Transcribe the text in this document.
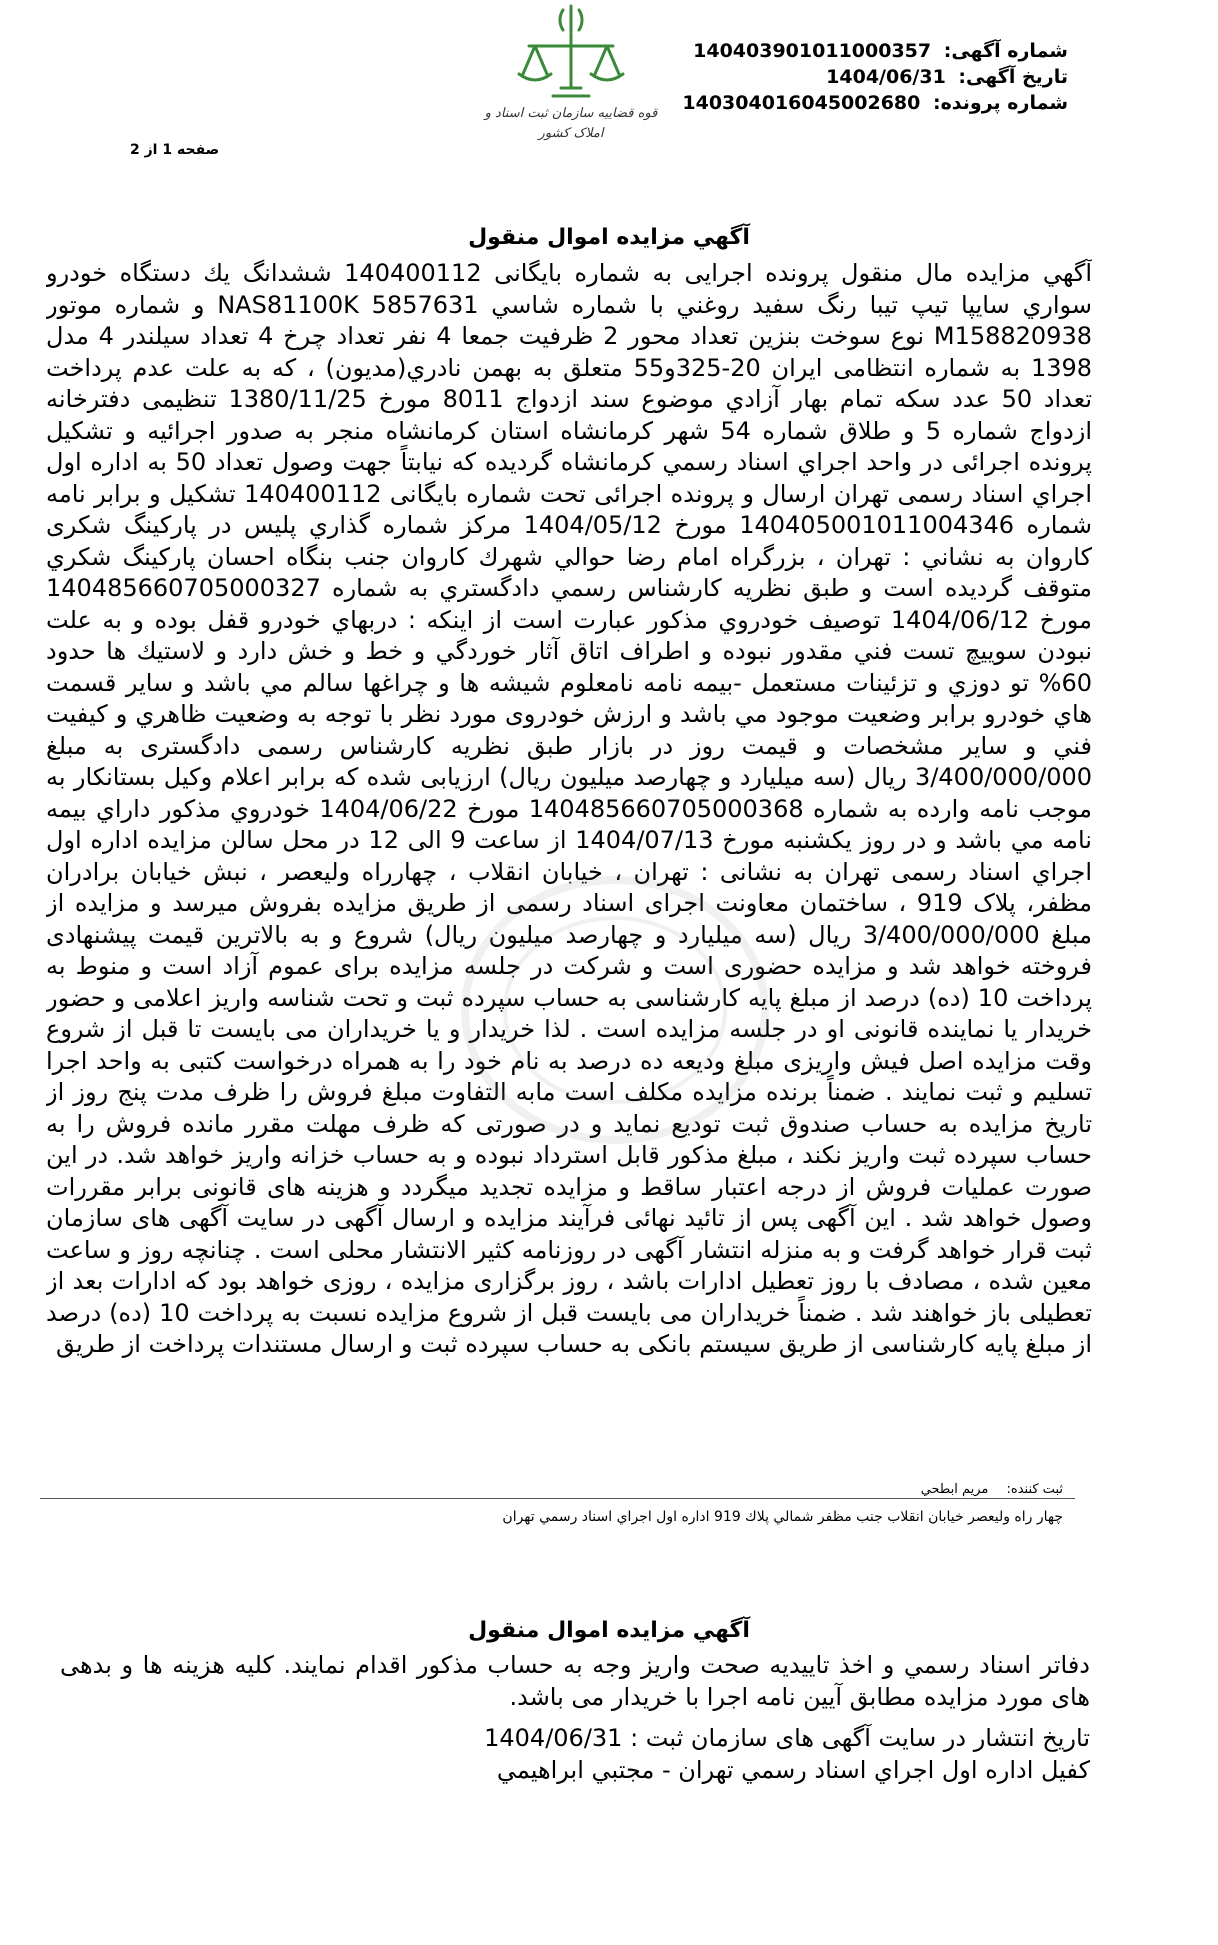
شماره آگهی: 14040390101100035​7
تاریخ آگهی: 1404/06/31
شماره پرونده: 140304016045002680
قوه قضاییه سازمان ثبت اسناد و املاک کشور
صفحه 1 از 2
آگهي مزايده اموال منقول
آگهي مزايده مال منقول پرونده اجرايی به شماره بايگانی 140400112 ششدانگ يك دستگاه خودرو سواري سايپا تيپ تيبا رنگ سفيد روغني با شماره شاسي NAS81100K 5857631 و شماره موتور M158820938 نوع سوخت بنزين تعداد محور 2 ظرفيت جمعا 4 نفر تعداد چرخ 4 تعداد سيلندر 4 مدل 1398 به شماره انتظامی ايران 20-325و55 متعلق به بهمن نادري(مديون) ، كه به علت عدم پرداخت تعداد 50 عدد سكه تمام بهار آزادي موضوع سند ازدواج 8011 مورخ 1380/11/25 تنظيمی دفترخانه ازدواج شماره 5 و طلاق شماره 54 شهر كرمانشاه استان كرمانشاه منجر به صدور اجرائيه و تشكيل پرونده اجرائی در واحد اجراي اسناد رسمي كرمانشاه گرديده كه نيابتاً جهت وصول تعداد 50 به اداره اول اجراي اسناد رسمی تهران ارسال و پرونده اجرائی تحت شماره بايگانی 140400112 تشكيل و برابر نامه شماره 140405001011004346 مورخ 1404/05/12 مركز شماره گذاري پليس در پاركينگ شكری كاروان به نشاني : تهران ، بزرگراه امام رضا حوالي شهرك كاروان جنب بنگاه احسان پاركينگ شكري متوقف گرديده است و طبق نظريه كارشناس رسمي دادگستري به شماره 140485660705000327 مورخ 1404/06/12 توصيف خودروي مذكور عبارت است از اينكه : دربهاي خودرو قفل بوده و به علت نبودن سوييچ تست فني مقدور نبوده و اطراف اتاق آثار خوردگي و خط و خش دارد و لاستيك ها حدود 60% تو دوزي و تزئينات مستعمل -بيمه نامه نامعلوم شيشه ها و چراغها سالم مي باشد و ساير قسمت هاي خودرو برابر وضعيت موجود مي باشد و ارزش خودروی مورد نظر با توجه به وضعيت ظاهري و كيفيت فني و ساير مشخصات و قيمت روز در بازار طبق نظريه كارشناس رسمی دادگستری به مبلغ 3/400/000/000 ريال (سه ميليارد و چهارصد ميليون ريال) ارزيابی شده كه برابر اعلام وكيل بستانكار به موجب نامه وارده به شماره 140485660705000368 مورخ 1404/06/22 خودروي مذكور داراي بيمه نامه مي باشد و در روز يكشنبه مورخ 1404/07/13 از ساعت 9 الی 12 در محل سالن مزايده اداره اول اجراي اسناد رسمی تهران به نشانی : تهران ، خيابان انقلاب ، چهارراه وليعصر ، نبش خيابان برادران مظفر، پلاک 919 ، ساختمان معاونت اجرای اسناد رسمی از طريق مزايده بفروش ميرسد و مزايده از مبلغ 3/400/000/000 ريال (سه ميليارد و چهارصد ميليون ريال) شروع و به بالاترين قيمت پيشنهادی فروخته خواهد شد و مزايده حضوری است و شركت در جلسه مزايده برای عموم آزاد است و منوط به پرداخت 10 (ده) درصد از مبلغ پايه كارشناسی به حساب سپرده ثبت و تحت شناسه واريز اعلامی و حضور خريدار يا نماينده قانونی او در جلسه مزايده است . لذا خريدار و يا خريداران می بايست تا قبل از شروع وقت مزايده اصل فيش واريزی مبلغ وديعه ده درصد به نام خود را به همراه درخواست كتبی به واحد اجرا تسليم و ثبت نمايند . ضمناً برنده مزايده مكلف است مابه التفاوت مبلغ فروش را ظرف مدت پنج روز از تاريخ مزايده به حساب صندوق ثبت توديع نمايد و در صورتی كه ظرف مهلت مقرر مانده فروش را به حساب سپرده ثبت واريز نكند ، مبلغ مذكور قابل استرداد نبوده و به حساب خزانه واريز خواهد شد. در اين صورت عمليات فروش از درجه اعتبار ساقط و مزايده تجديد ميگردد و هزينه های قانونی برابر مقررات وصول خواهد شد . اين آگهی پس از تائيد نهائی فرآيند مزايده و ارسال آگهی در سايت آگهی های سازمان ثبت قرار خواهد گرفت و به منزله انتشار آگهی در روزنامه كثير الانتشار محلی است . چنانچه روز و ساعت معين شده ، مصادف با روز تعطيل ادارات باشد ، روز برگزاری مزايده ، روزی خواهد بود كه ادارات بعد از تعطيلی باز خواهند شد . ضمناً خريداران می بايست قبل از شروع مزايده نسبت به پرداخت 10 (ده) درصد از مبلغ پايه كارشناسی از طريق سيستم بانكی به حساب سپرده ثبت و ارسال مستندات پرداخت از طريق
ثبت كننده: مريم ابطحي
چهار راه وليعصر خيابان انقلاب جنب مظفر شمالي پلاك 919 اداره اول اجراي اسناد رسمي تهران
آگهي مزايده اموال منقول
دفاتر اسناد رسمي و اخذ تاييديه صحت واريز وجه به حساب مذكور اقدام نمايند. كليه هزينه ها و بدهی های مورد مزايده مطابق آيين نامه اجرا با خريدار می باشد.
تاريخ انتشار در سايت آگهی های سازمان ثبت : 1404/06/31
كفيل اداره اول اجراي اسناد رسمي تهران - مجتبي ابراهيمي
